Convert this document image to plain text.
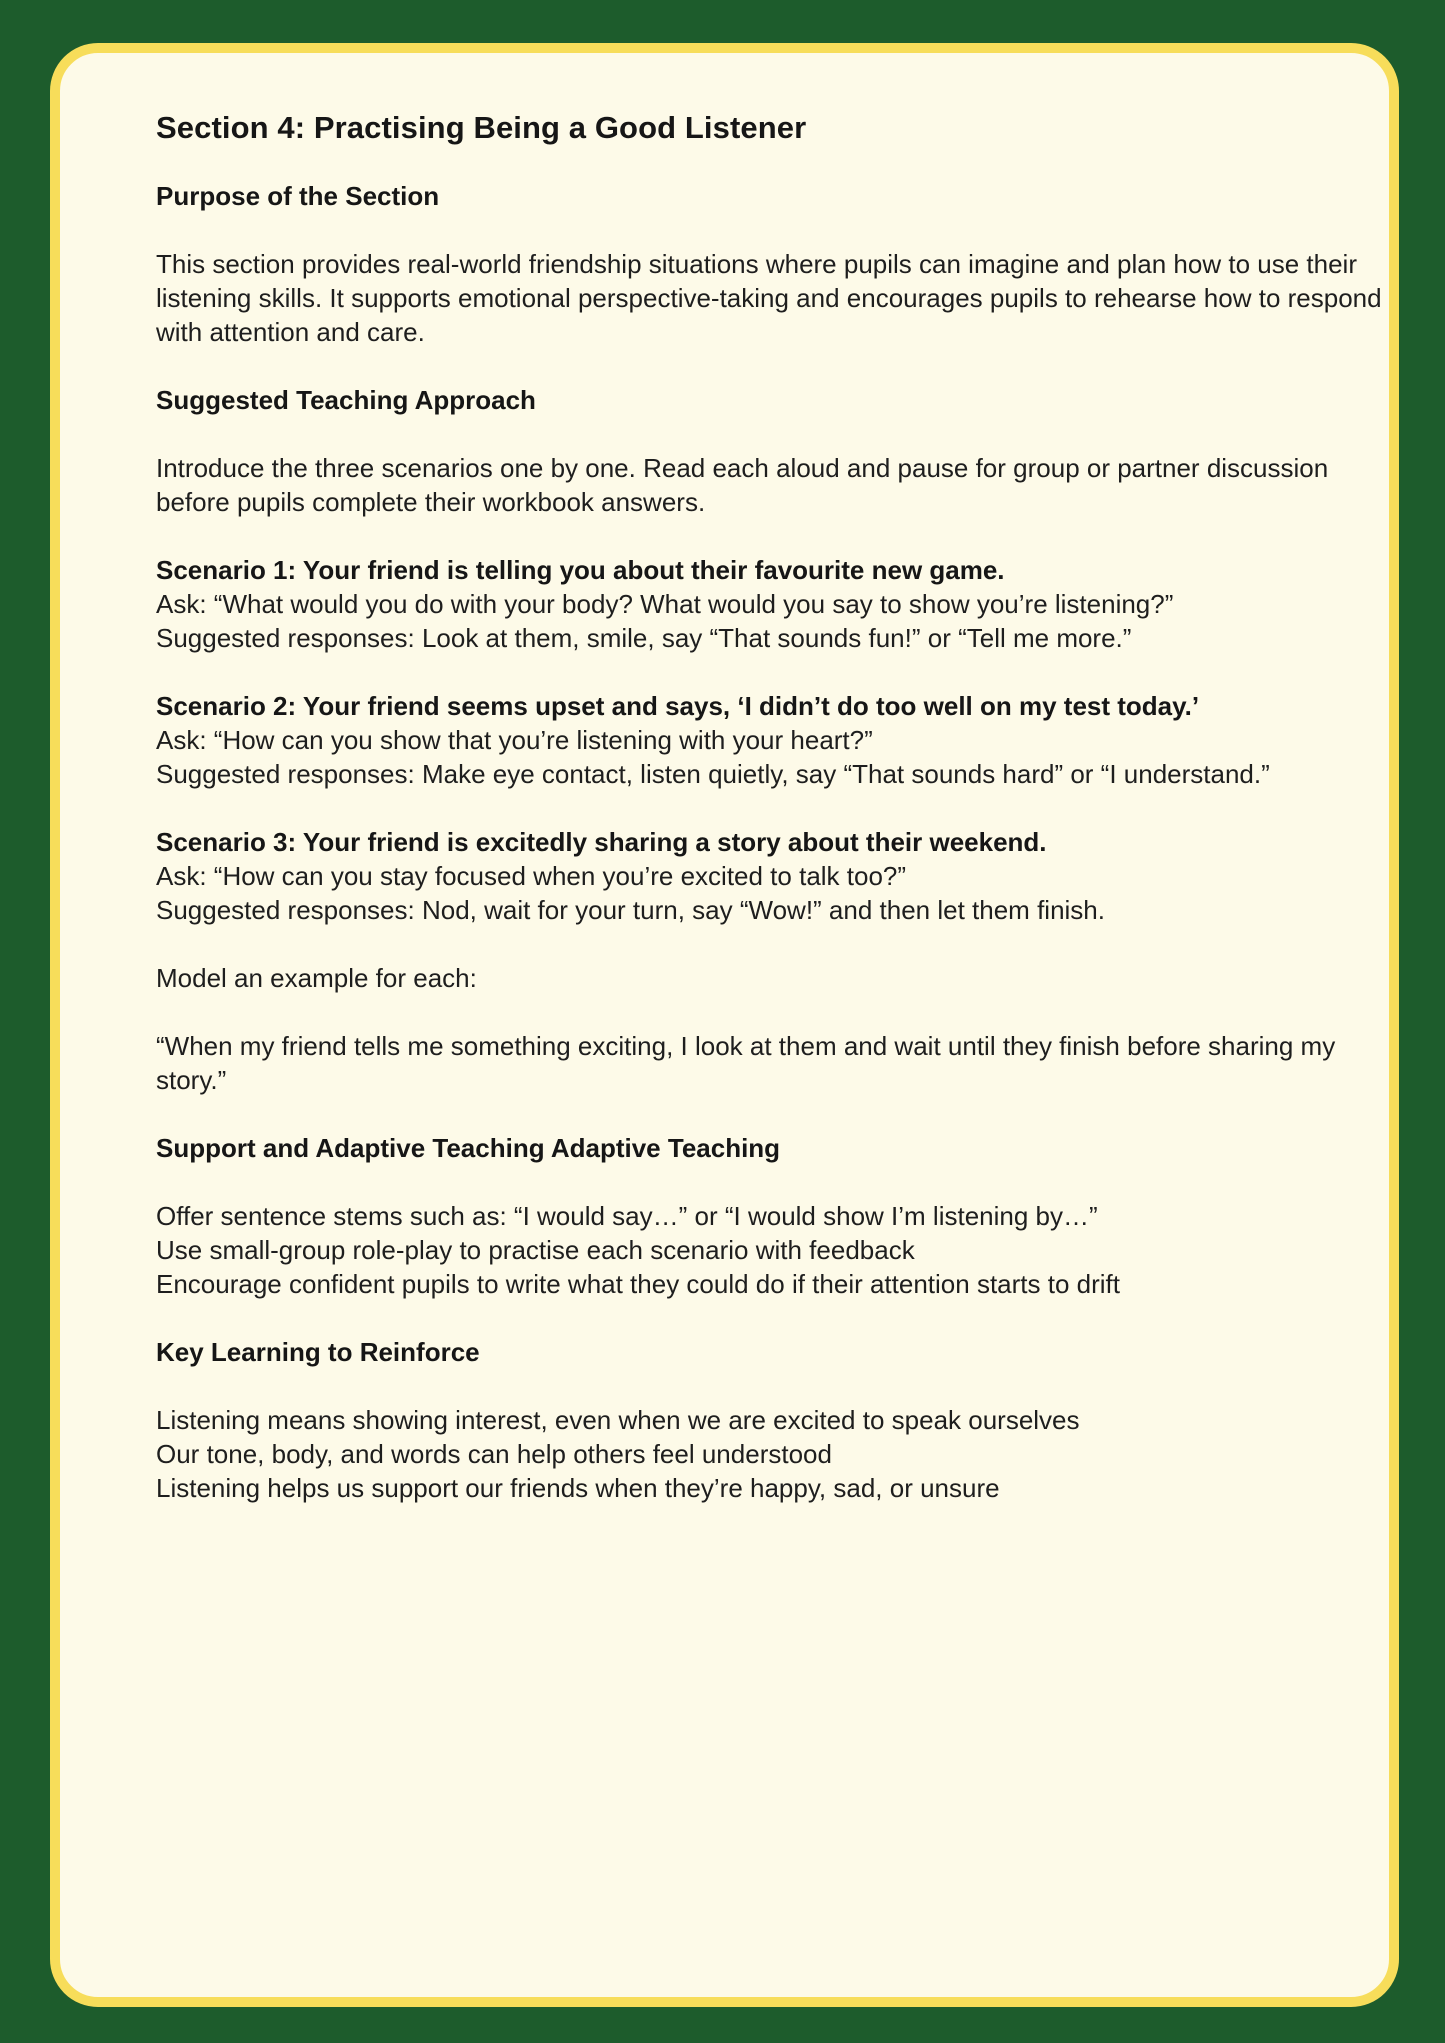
Section 4: Practising Being a Good Listener
Purpose of the Section

This section provides real-world friendship situations where pupils can imagine and plan how to use their listening skills. It supports emotional perspective-taking and encourages pupils to rehearse how to respond with attention and care.

Suggested Teaching Approach

Introduce the three scenarios one by one. Read each aloud and pause for group or partner discussion before pupils complete their workbook answers.

Scenario 1: Your friend is telling you about their favourite new game.

Ask: “What would you do with your body? What would you say to show you’re listening?”

Suggested responses: Look at them, smile, say “That sounds fun!” or “Tell me more.”

Scenario 2: Your friend seems upset and says, ‘I didn’t do too well on my test today.’

Ask: “How can you show that you’re listening with your heart?”

Suggested responses: Make eye contact, listen quietly, say “That sounds hard” or “I understand.”

Scenario 3: Your friend is excitedly sharing a story about their weekend.

Ask: “How can you stay focused when you’re excited to talk too?”

Suggested responses: Nod, wait for your turn, say “Wow!” and then let them finish.

Model an example for each:

“When my friend tells me something exciting, I look at them and wait until they finish before sharing my story.”

Support and Adaptive Teaching Adaptive Teaching

Offer sentence stems such as: “I would say…” or “I would show I’m listening by…”

Use small-group role-play to practise each scenario with feedback

Encourage confident pupils to write what they could do if their attention starts to drift

Key Learning to Reinforce

Listening means showing interest, even when we are excited to speak ourselves

Our tone, body, and words can help others feel understood

Listening helps us support our friends when they’re happy, sad, or unsure
